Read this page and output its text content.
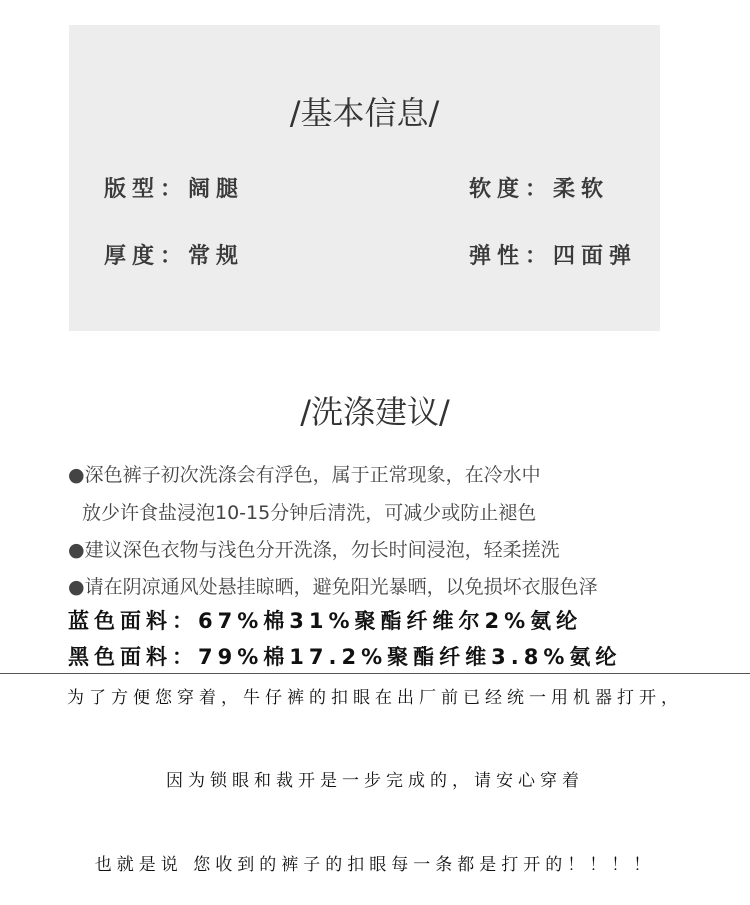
/基本信息/
版型：阔腿	软度：柔软
厚度：常规	弹性：四面弹
/洗涤建议/
●深色裤子初次洗涤会有浮色，属于正常现象，在冷水中
放少许食盐浸泡10-15分钟后清洗，可减少或防止褪色
●建议深色衣物与浅色分开洗涤，勿长时间浸泡，轻柔搓洗
●请在阴凉通风处悬挂晾晒，避免阳光暴晒，以免损坏衣服色泽
蓝色面料：67%棉31%聚酯纤维尔2%氨纶
黑色面料：79%棉17.2%聚酯纤维3.8%氨纶
为了方便您穿着，牛仔裤的扣眼在出厂前已经统一用机器打开，
因为锁眼和裁开是一步完成的，请安心穿着
也就是说 您收到的裤子的扣眼每一条都是打开的！！！！
